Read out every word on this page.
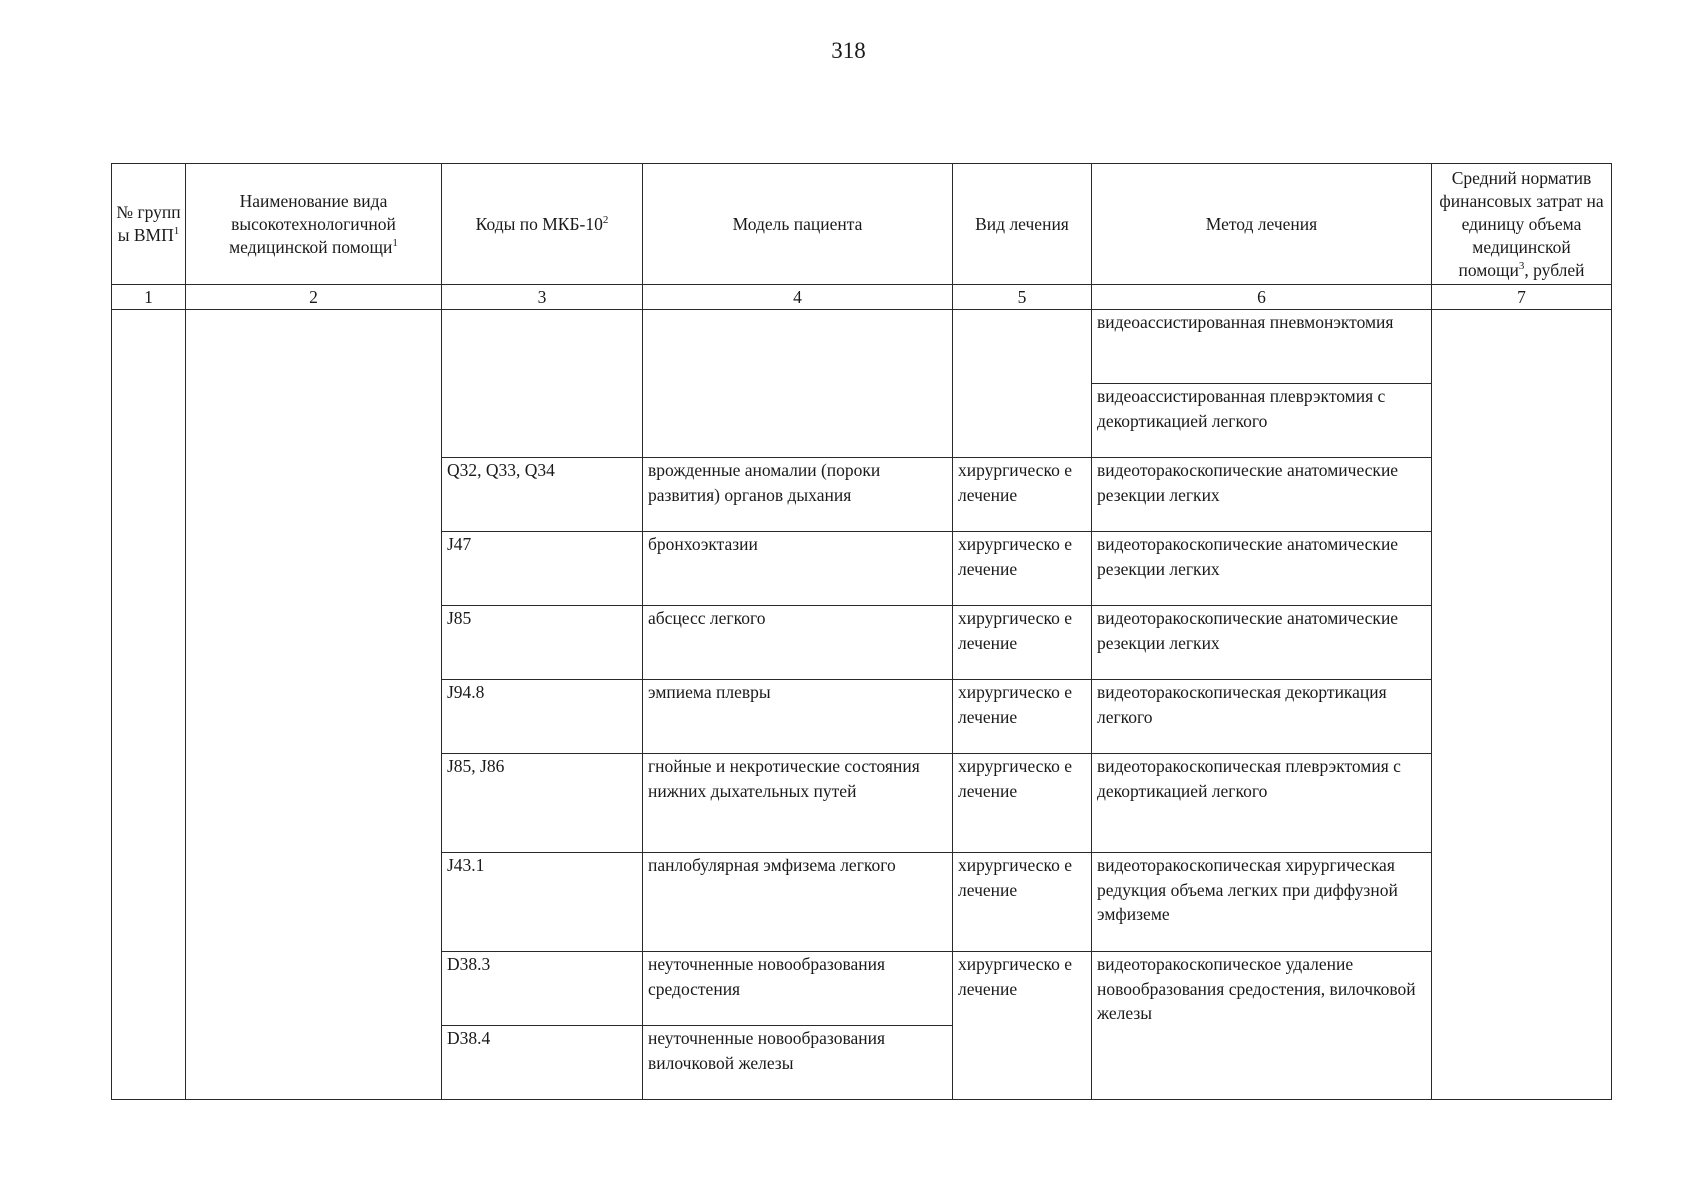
318
№ групп ы ВМП$^1$	Наименование вида высокотехнологичной медицинской помощи$^1$	Коды по МКБ-$10^2$	Модель пациента	Вид лечения	Метод лечения	Средний норматив финансовых затрат на единицу объема медицинской помощи$^3$, рублей
1	2	3	4	5	6	7
					видеоассистированная пневмонэктомия	
					видеоассистированная плеврэктомия с декортикацией легкого	
		Q32, Q33, Q34	врожденные аномалии (пороки развития) органов дыхания	хирургическо е лечение	видеоторакоскопические анатомические резекции легких	
		J47	бронхоэктазии	хирургическо е лечение	видеоторакоскопические анатомические резекции легких	
		J85	абсцесс легкого	хирургическо е лечение	видеоторакоскопические анатомические резекции легких	
		J94.8	эмпиема плевры	хирургическо е лечение	видеоторакоскопическая декортикация легкого	
		J85, J86	гнойные и некротические состояния нижних дыхательных путей	хирургическо е лечение	видеоторакоскопическая плеврэктомия с декортикацией легкого	
		J43.1	панлобулярная эмфизема легкого	хирургическо е лечение	видеоторакоскопическая хирургическая редукция объема легких при диффузной эмфиземе	
		D38.3	неуточненные новообразования средостения	хирургическо е лечение	видеоторакоскопическое удаление новообразования средостения, вилочковой железы	
		D38.4	неуточненные новообразования вилочковой железы			
